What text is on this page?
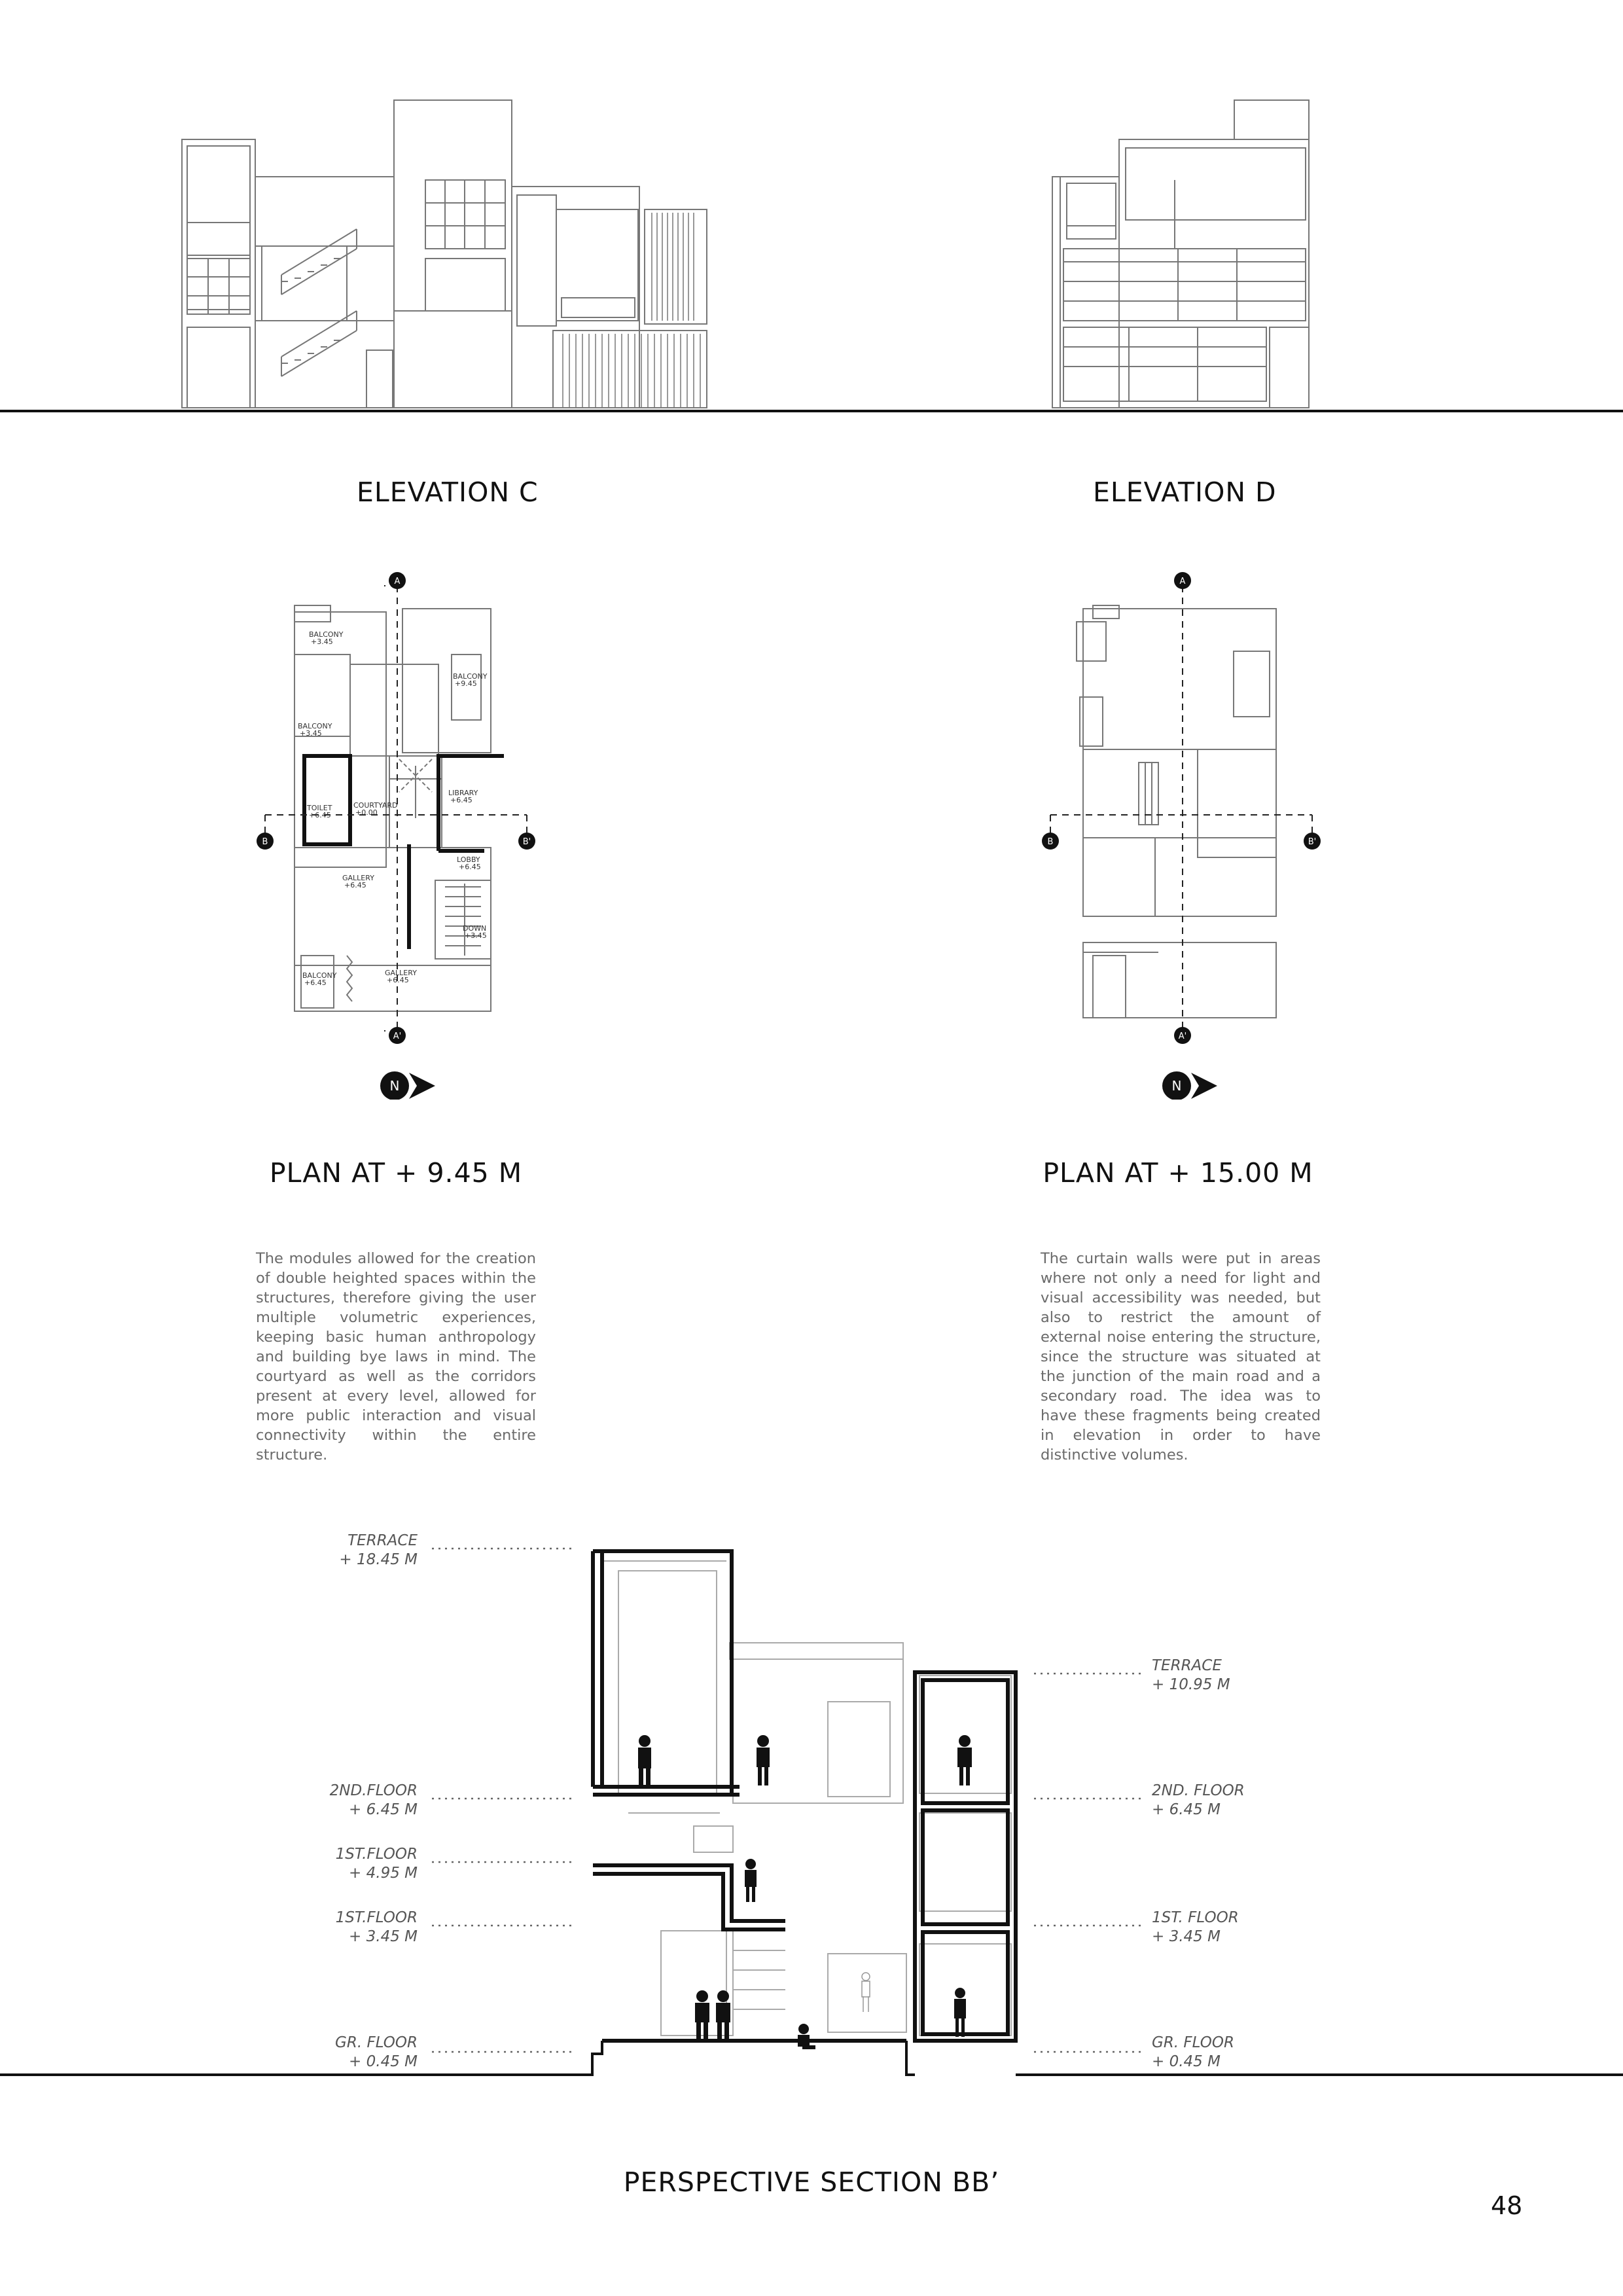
ELEVATION C	ELEVATION D
BALCONY
+3.45
BALCONY
+9.45
BALCONY
+3.45
TOILET
+6.45
COURTYARD
+0.00
LIBRARY
+6.45
LOBBY
+6.45
GALLERY
+6.45
DOWN
+3.45
BALCONY
+6.45
GALLERY
+6.45
A
A'
B	B'
N
A
A'
B	B'
N
PLAN AT + 9.45 M	PLAN AT + 15.00 M
The modules allowed for the creation of double heighted spaces within the structures, therefore giving the user multiple volumetric experiences, keeping basic human anthropology and building bye laws in mind. The courtyard as well as the corridors present at every level, allowed for more public interaction and visual connectivity within the entire structure.
The curtain walls were put in areas where not only a need for light and visual accessibility was needed, but also to restrict the amount of external noise entering the structure, since the structure was situated at the junction of the main road and a secondary road. The idea was to have these fragments being created in elevation in order to have distinctive volumes.
TERRACE
+ 18.45 M
2ND.FLOOR
+ 6.45 M
1ST.FLOOR
+ 4.95 M
1ST.FLOOR
+ 3.45 M
GR. FLOOR
+ 0.45 M
TERRACE
+ 10.95 M
2ND. FLOOR
+ 6.45 M
1ST. FLOOR
+ 3.45 M
GR. FLOOR
+ 0.45 M
PERSPECTIVE SECTION BB’
48
